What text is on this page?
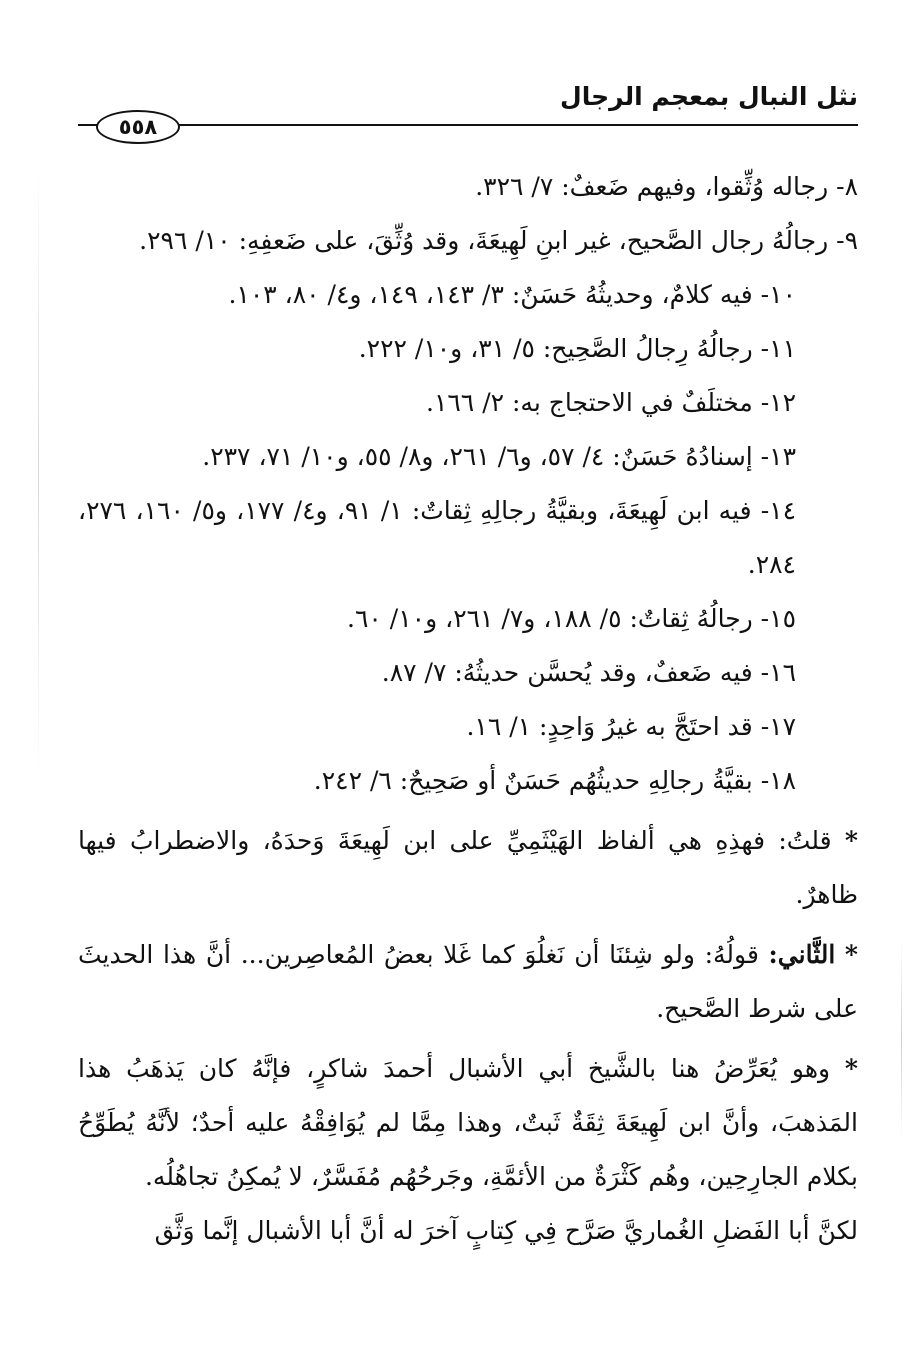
نثل النبال بمعجم الرجال
٥٥٨

٨- رجاله وُثِّقوا، وفيهم ضَعفٌ: ٧/ ٣٢٦.

٩- رجالُهُ رجال الصَّحيح، غير ابنِ لَهِيعَةَ، وقد وُثِّقَ، على ضَعفِهِ: ١٠/ ٢٩٦.

١٠- فيه كلامٌ، وحديثُهُ حَسَنٌ: ٣/ ١٤٣، ١٤٩، و٤/ ٨٠، ١٠٣.

١١- رجالُهُ رِجالُ الصَّحِيح: ٥/ ٣١، و١٠/ ٢٢٢.

١٢- مختلَفٌ في الاحتجاج به: ٢/ ١٦٦.

١٣- إسنادُهُ حَسَنٌ: ٤/ ٥٧، و٦/ ٢٦١، و٨/ ٥٥، و١٠/ ٧١، ٢٣٧.

١٤- فيه ابن لَهِيعَةَ، وبقيَّةُ رجالِهِ ثِقاتٌ: ١/ ٩١، و٤/ ١٧٧، و٥/ ١٦٠، ٢٧٦، ٢٨٤.

١٥- رجالُهُ ثِقاتٌ: ٥/ ١٨٨، و٧/ ٢٦١، و١٠/ ٦٠.

١٦- فيه ضَعفٌ، وقد يُحسَّن حديثُهُ: ٧/ ٨٧.

١٧- قد احتَجَّ به غيرُ وَاحِدٍ: ١/ ١٦.

١٨- بقيَّةُ رجالِهِ حديثُهُم حَسَنٌ أو صَحِيحٌ: ٦/ ٢٤٢.

* قلتُ: فهذِهِ هي ألفاظ الهَيْثَمِيِّ على ابن لَهِيعَةَ وَحدَهُ، والاضطرابُ فيها ظاهرٌ.

* الثَّاني: قولُهُ: ولو شِئنَا أن نَغلُوَ كما غَلا بعضُ المُعاصِرين... أنَّ هذا الحديثَ على شرط الصَّحيح.

* وهو يُعَرِّضُ هنا بالشَّيخ أبي الأشبال أحمدَ شاكرٍ، فإنَّهُ كان يَذهَبُ هذا المَذهبَ، وأنَّ ابن لَهِيعَةَ ثِقَةٌ ثَبتٌ، وهذا مِمَّا لم يُوَافِقْهُ عليه أحدٌ؛ لأنَّهُ يُطَوِّحُ بكلام الجارِحِين، وهُم كَثْرَةٌ من الأئمَّةِ، وجَرحُهُم مُفَسَّرٌ، لا يُمكِنُ تجاهُلُه.

لكنَّ أبا الفَضلِ الغُماريَّ صَرَّح فِي كِتابٍ آخرَ له أنَّ أبا الأشبال إنَّما وَثَّق
